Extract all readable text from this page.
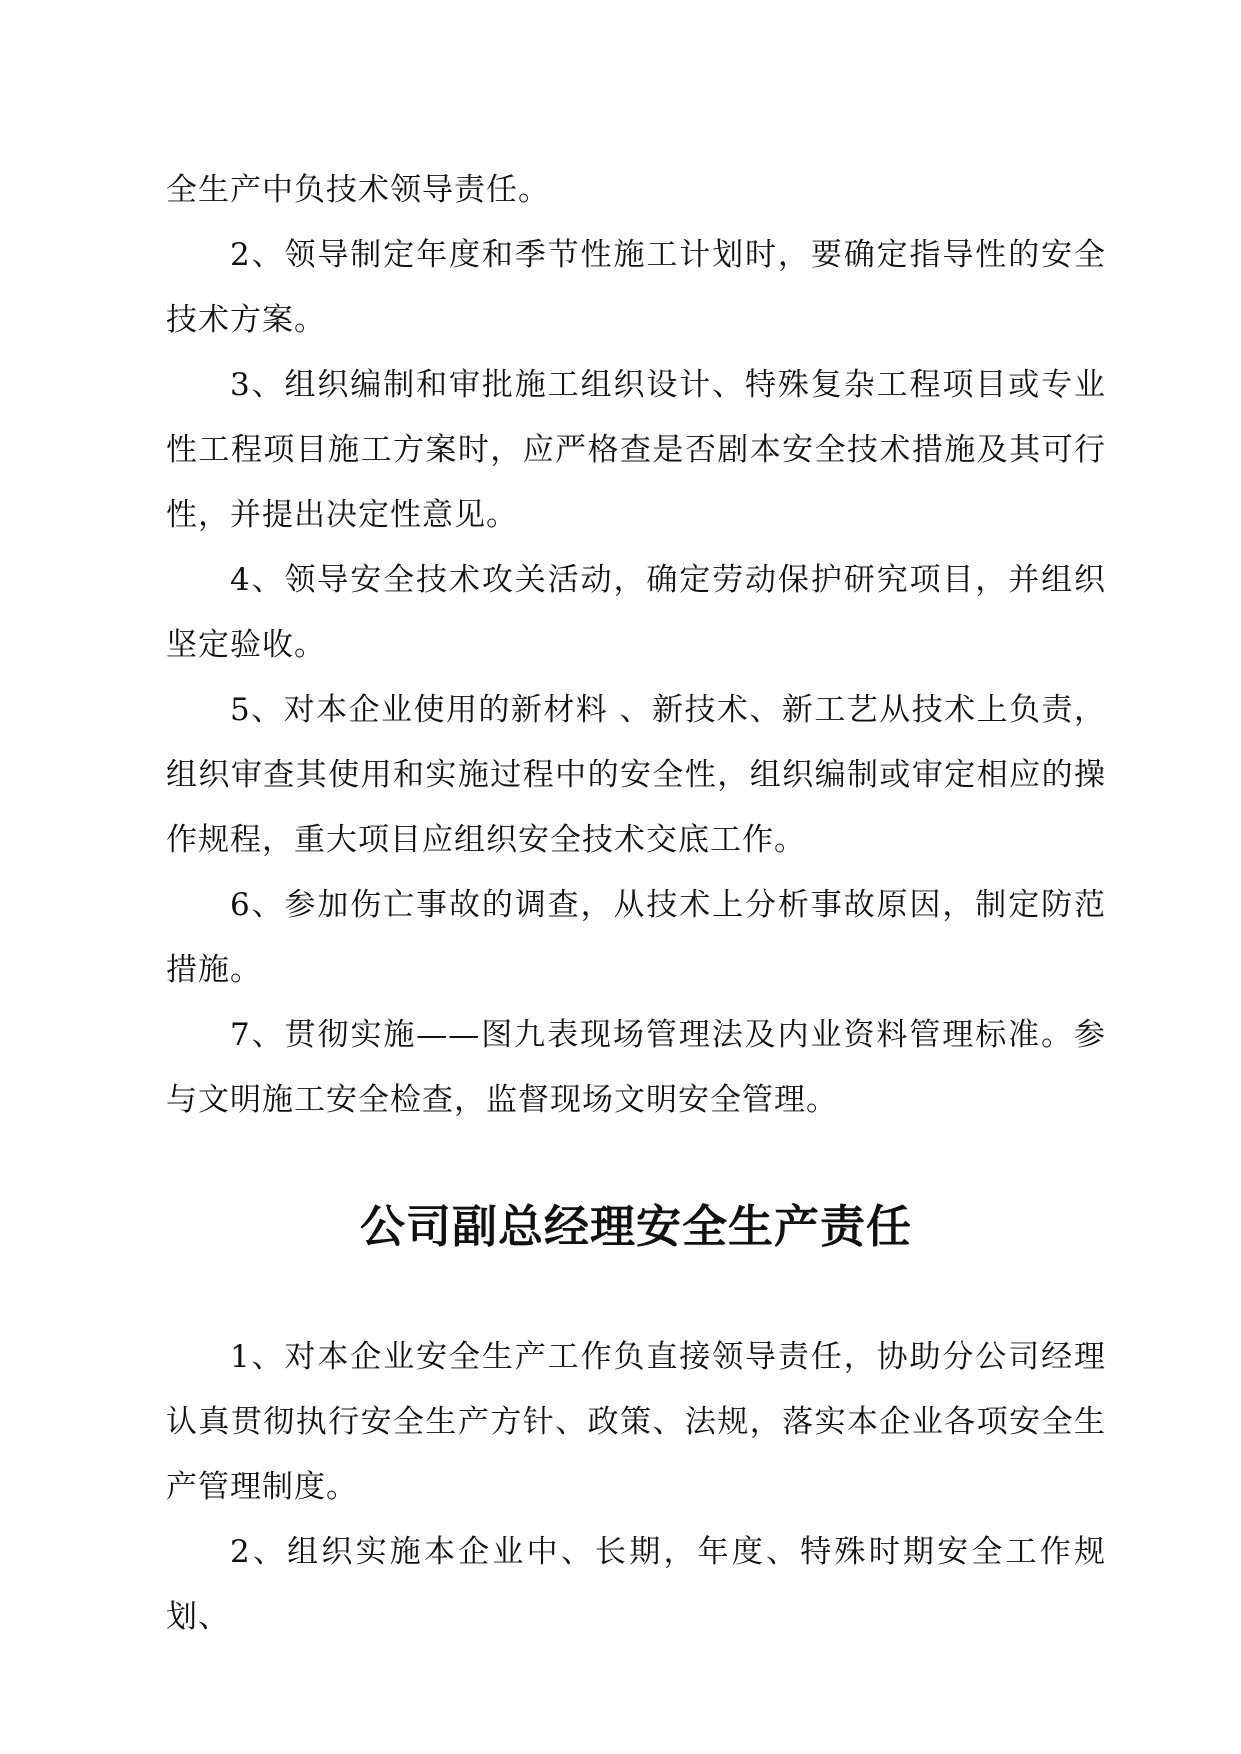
全生产中负技术领导责任。

2、领导制定年度和季节性施工计划时，要确定指导性的安全技术方案。

3、组织编制和审批施工组织设计、特殊复杂工程项目或专业性工程项目施工方案时，应严格查是否剧本安全技术措施及其可行性，并提出决定性意见。

4、领导安全技术攻关活动，确定劳动保护研究项目，并组织坚定验收。

5、对本企业使用的新材料 、新技术、新工艺从技术上负责，组织审查其使用和实施过程中的安全性，组织编制或审定相应的操作规程，重大项目应组织安全技术交底工作。

6、参加伤亡事故的调查，从技术上分析事故原因，制定防范措施。

7、贯彻实施——图九表现场管理法及内业资料管理标准。参与文明施工安全检查，监督现场文明安全管理。

公司副总经理安全生产责任

1、对本企业安全生产工作负直接领导责任，协助分公司经理认真贯彻执行安全生产方针、政策、法规，落实本企业各项安全生产管理制度。

2、组织实施本企业中、长期，年度、特殊时期安全工作规划、
